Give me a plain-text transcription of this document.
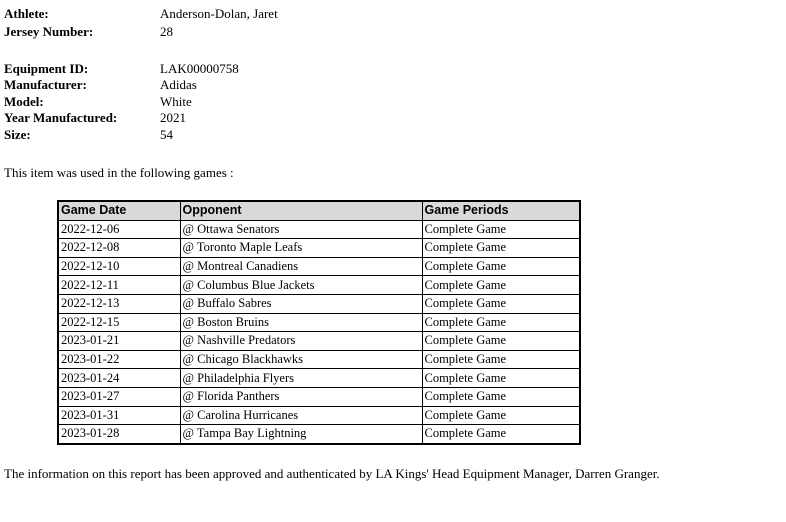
Athlete:	Anderson-Dolan, Jaret
Jersey Number:	28
Equipment ID:	LAK00000758
Manufacturer:	Adidas
Model:	White
Year Manufactured:	2021
Size:	54
This item was used in the following games :
Game Date	Opponent	Game Periods
2022-12-06	@ Ottawa Senators	Complete Game
2022-12-08	@ Toronto Maple Leafs	Complete Game
2022-12-10	@ Montreal Canadiens	Complete Game
2022-12-11	@ Columbus Blue Jackets	Complete Game
2022-12-13	@ Buffalo Sabres	Complete Game
2022-12-15	@ Boston Bruins	Complete Game
2023-01-21	@ Nashville Predators	Complete Game
2023-01-22	@ Chicago Blackhawks	Complete Game
2023-01-24	@ Philadelphia Flyers	Complete Game
2023-01-27	@ Florida Panthers	Complete Game
2023-01-31	@ Carolina Hurricanes	Complete Game
2023-01-28	@ Tampa Bay Lightning	Complete Game
The information on this report has been approved and authenticated by LA Kings' Head Equipment Manager, Darren Granger.
